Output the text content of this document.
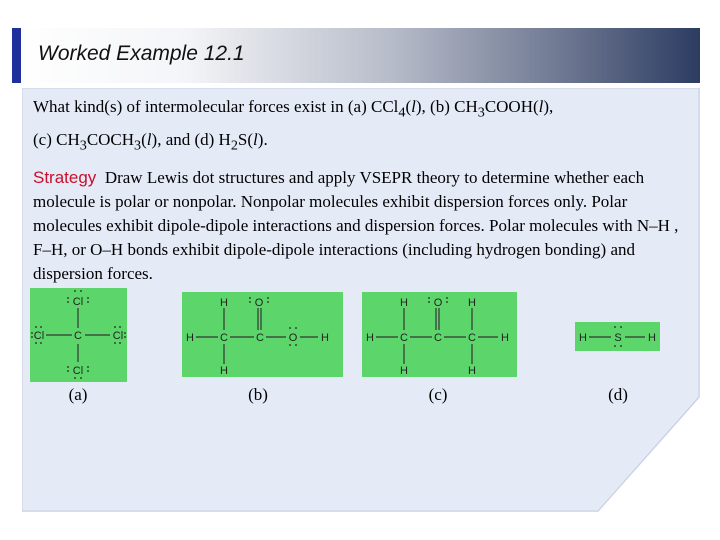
Worked Example 12.1
What kind(s) of intermolecular forces exist in (a) CCl$_4$(l), (b) $CH_3COOH(l)$,
(c) $CH_3COCH_3(l)$, and (d) $H_2S(l)$.
Strategy Draw Lewis dot structures and apply VSEPR theory to determine whether each molecule is polar or nonpolar. Nonpolar molecules exhibit dispersion forces only. Polar molecules exhibit dipole-dipole interactions and dispersion forces. Polar molecules with N–H , F–H, or O–H bonds exhibit dipole-dipole interactions (including hydrogen bonding) and dispersion forces.
Cl
C
Cl	Cl
Cl
(a)
H O
H C	C O H
H
(b)
H O H
H C C C H
H	H
(c)
H S H
(d)
